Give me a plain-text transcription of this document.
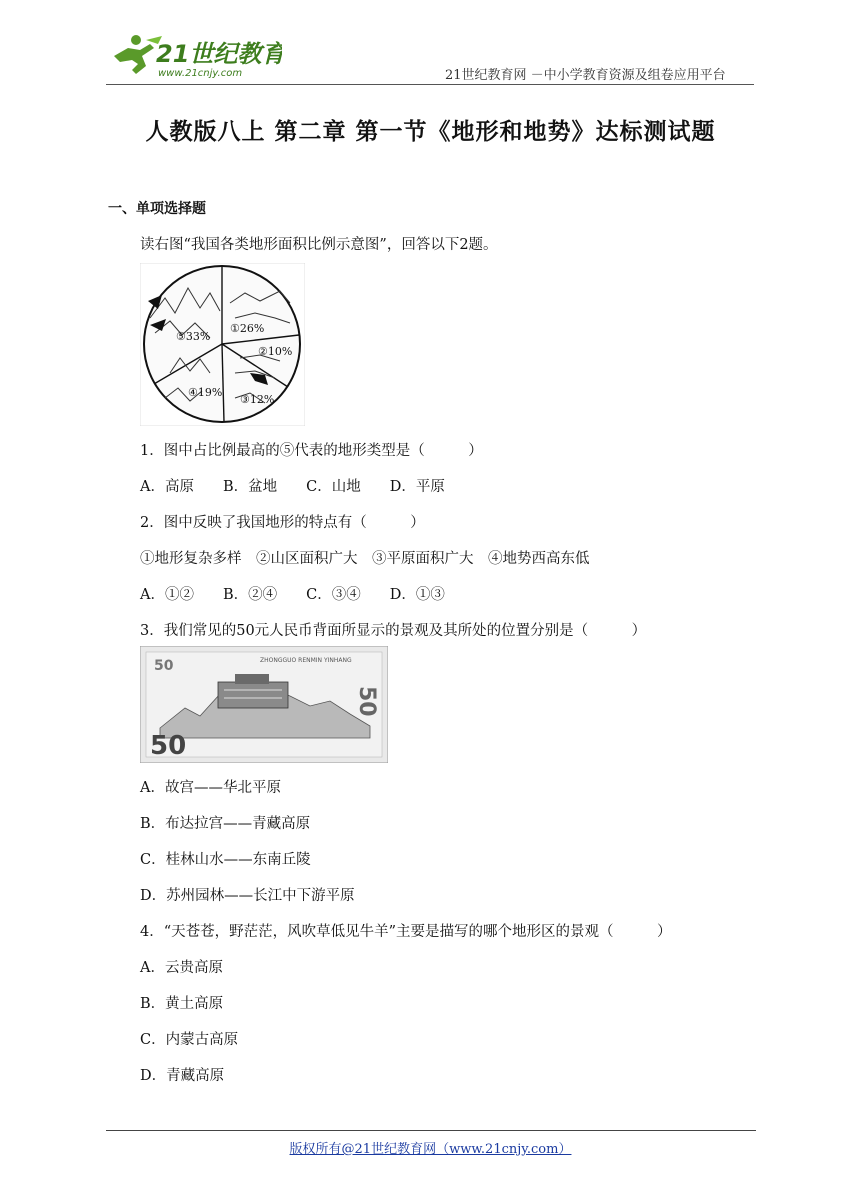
21世纪教育
www.21cnjy.com	21世纪教育网 －中小学教育资源及组卷应用平台
人教版八上 第二章 第一节《地形和地势》达标测试题
一、单项选择题
读右图“我国各类地形面积比例示意图”，回答以下2题。
①26%
②10%
③12%
④19%
⑤33%
1．图中占比例最高的⑤代表的地形类型是（　　　）
A．高原　　B．盆地　　C．山地　　D．平原
2．图中反映了我国地形的特点有（　　　）
①地形复杂多样　②山区面积广大　③平原面积广大　④地势西高东低
A．①②　　B．②④　　C．③④　　D．①③
3．我们常见的50元人民币背面所显示的景观及其所处的位置分别是（　　　）
50	ZHONGGUO RENMIN YINHANG
50
50
A．故宫——华北平原
B．布达拉宫——青藏高原
C．桂林山水——东南丘陵
D．苏州园林——长江中下游平原
4．“天苍苍，野茫茫，风吹草低见牛羊”主要是描写的哪个地形区的景观（　　　）
A．云贵高原
B．黄土高原
C．内蒙古高原
D．青藏高原
版权所有@21世纪教育网（www.21cnjy.com）
